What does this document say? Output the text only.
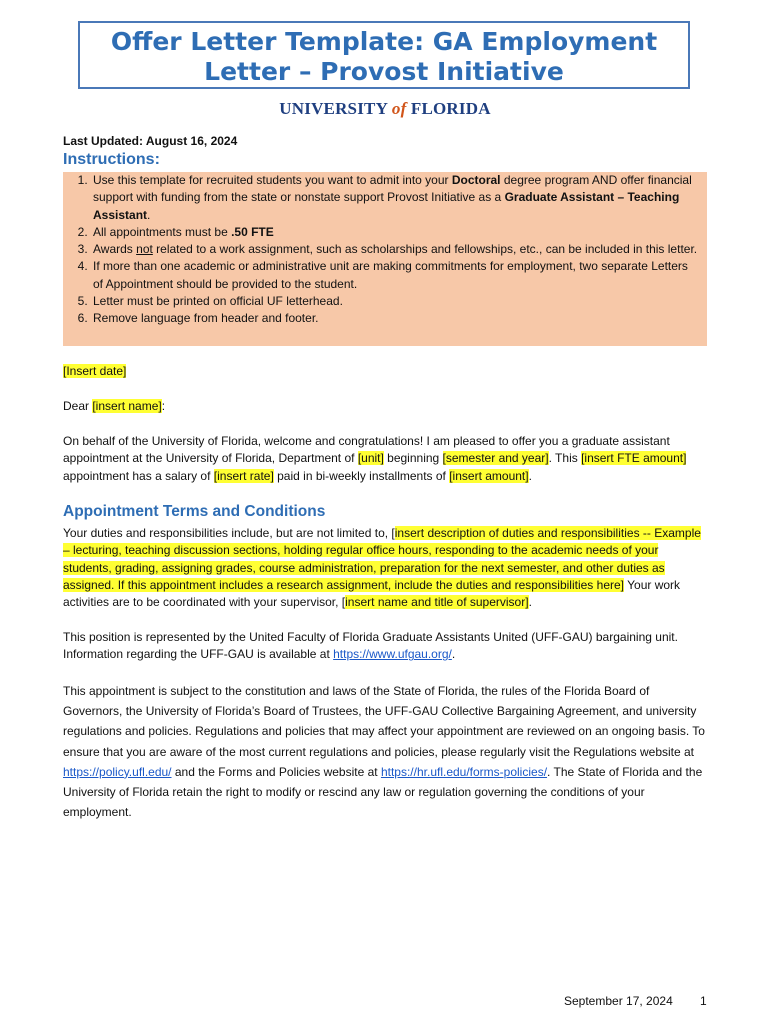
Offer Letter Template: GA Employment
Letter – Provost Initiative
UNIVERSITY of FLORIDA
Last Updated: August 16, 2024
Instructions:
1. Use this template for recruited students you want to admit into your Doctoral degree program AND offer financial support with funding from the state or nonstate support Provost Initiative as a Graduate Assistant – Teaching Assistant.
2. All appointments must be .50 FTE
3. Awards not related to a work assignment, such as scholarships and fellowships, etc., can be included in this letter.
4. If more than one academic or administrative unit are making commitments for employment, two separate Letters of Appointment should be provided to the student.
5. Letter must be printed on official UF letterhead.
6. Remove language from header and footer.
[Insert date]
Dear [insert name]:
On behalf of the University of Florida, welcome and congratulations! I am pleased to offer you a graduate assistant appointment at the University of Florida, Department of [unit] beginning [semester and year]. This [insert FTE amount] appointment has a salary of [insert rate] paid in bi-weekly installments of [insert amount].
Appointment Terms and Conditions
Your duties and responsibilities include, but are not limited to, [insert description of duties and responsibilities -- Example – lecturing, teaching discussion sections, holding regular office hours, responding to the academic needs of your students, grading, assigning grades, course administration, preparation for the next semester, and other duties as assigned. If this appointment includes a research assignment, include the duties and responsibilities here] Your work activities are to be coordinated with your supervisor, [insert name and title of supervisor].
This position is represented by the United Faculty of Florida Graduate Assistants United (UFF-GAU) bargaining unit. Information regarding the UFF-GAU is available at https://www.ufgau.org/.
This appointment is subject to the constitution and laws of the State of Florida, the rules of the Florida Board of Governors, the University of Florida’s Board of Trustees, the UFF-GAU Collective Bargaining Agreement, and university regulations and policies. Regulations and policies that may affect your appointment are reviewed on an ongoing basis. To ensure that you are aware of the most current regulations and policies, please regularly visit the Regulations website at https://policy.ufl.edu/ and the Forms and Policies website at https://hr.ufl.edu/forms-policies/. The State of Florida and the University of Florida retain the right to modify or rescind any law or regulation governing the conditions of your employment.
September 17, 2024 1
